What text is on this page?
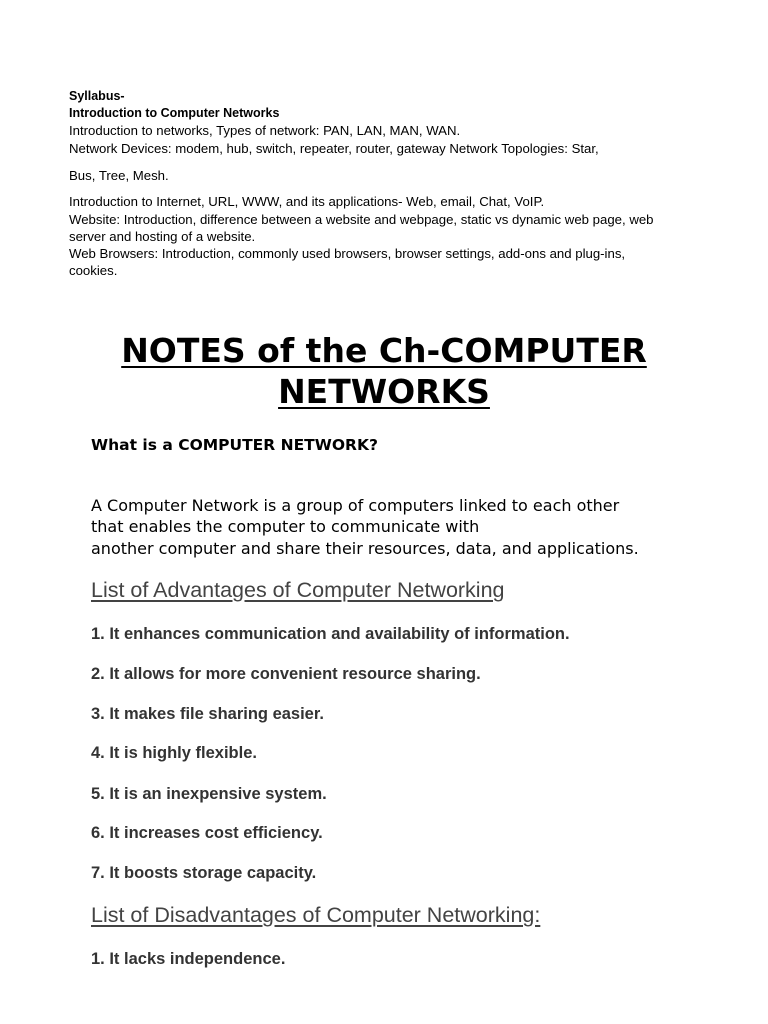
Syllabus-
Introduction to Computer Networks
Introduction to networks, Types of network: PAN, LAN, MAN, WAN.
Network Devices: modem, hub, switch, repeater, router, gateway Network Topologies: Star,
Bus, Tree, Mesh.
Introduction to Internet, URL, WWW, and its applications- Web, email, Chat, VoIP.
Website: Introduction, difference between a website and webpage, static vs dynamic web page, web
server and hosting of a website.
Web Browsers: Introduction, commonly used browsers, browser settings, add-ons and plug-ins,
cookies.
NOTES of the Ch-COMPUTER
NETWORKS
What is a COMPUTER NETWORK?
A Computer Network is a group of computers linked to each other
that enables the computer to communicate with
another computer and share their resources, data, and applications.
List of Advantages of Computer Networking
1. It enhances communication and availability of information.
2. It allows for more convenient resource sharing.
3. It makes file sharing easier.
4. It is highly flexible.
5. It is an inexpensive system.
6. It increases cost efficiency.
7. It boosts storage capacity.
List of Disadvantages of Computer Networking:
1. It lacks independence.
